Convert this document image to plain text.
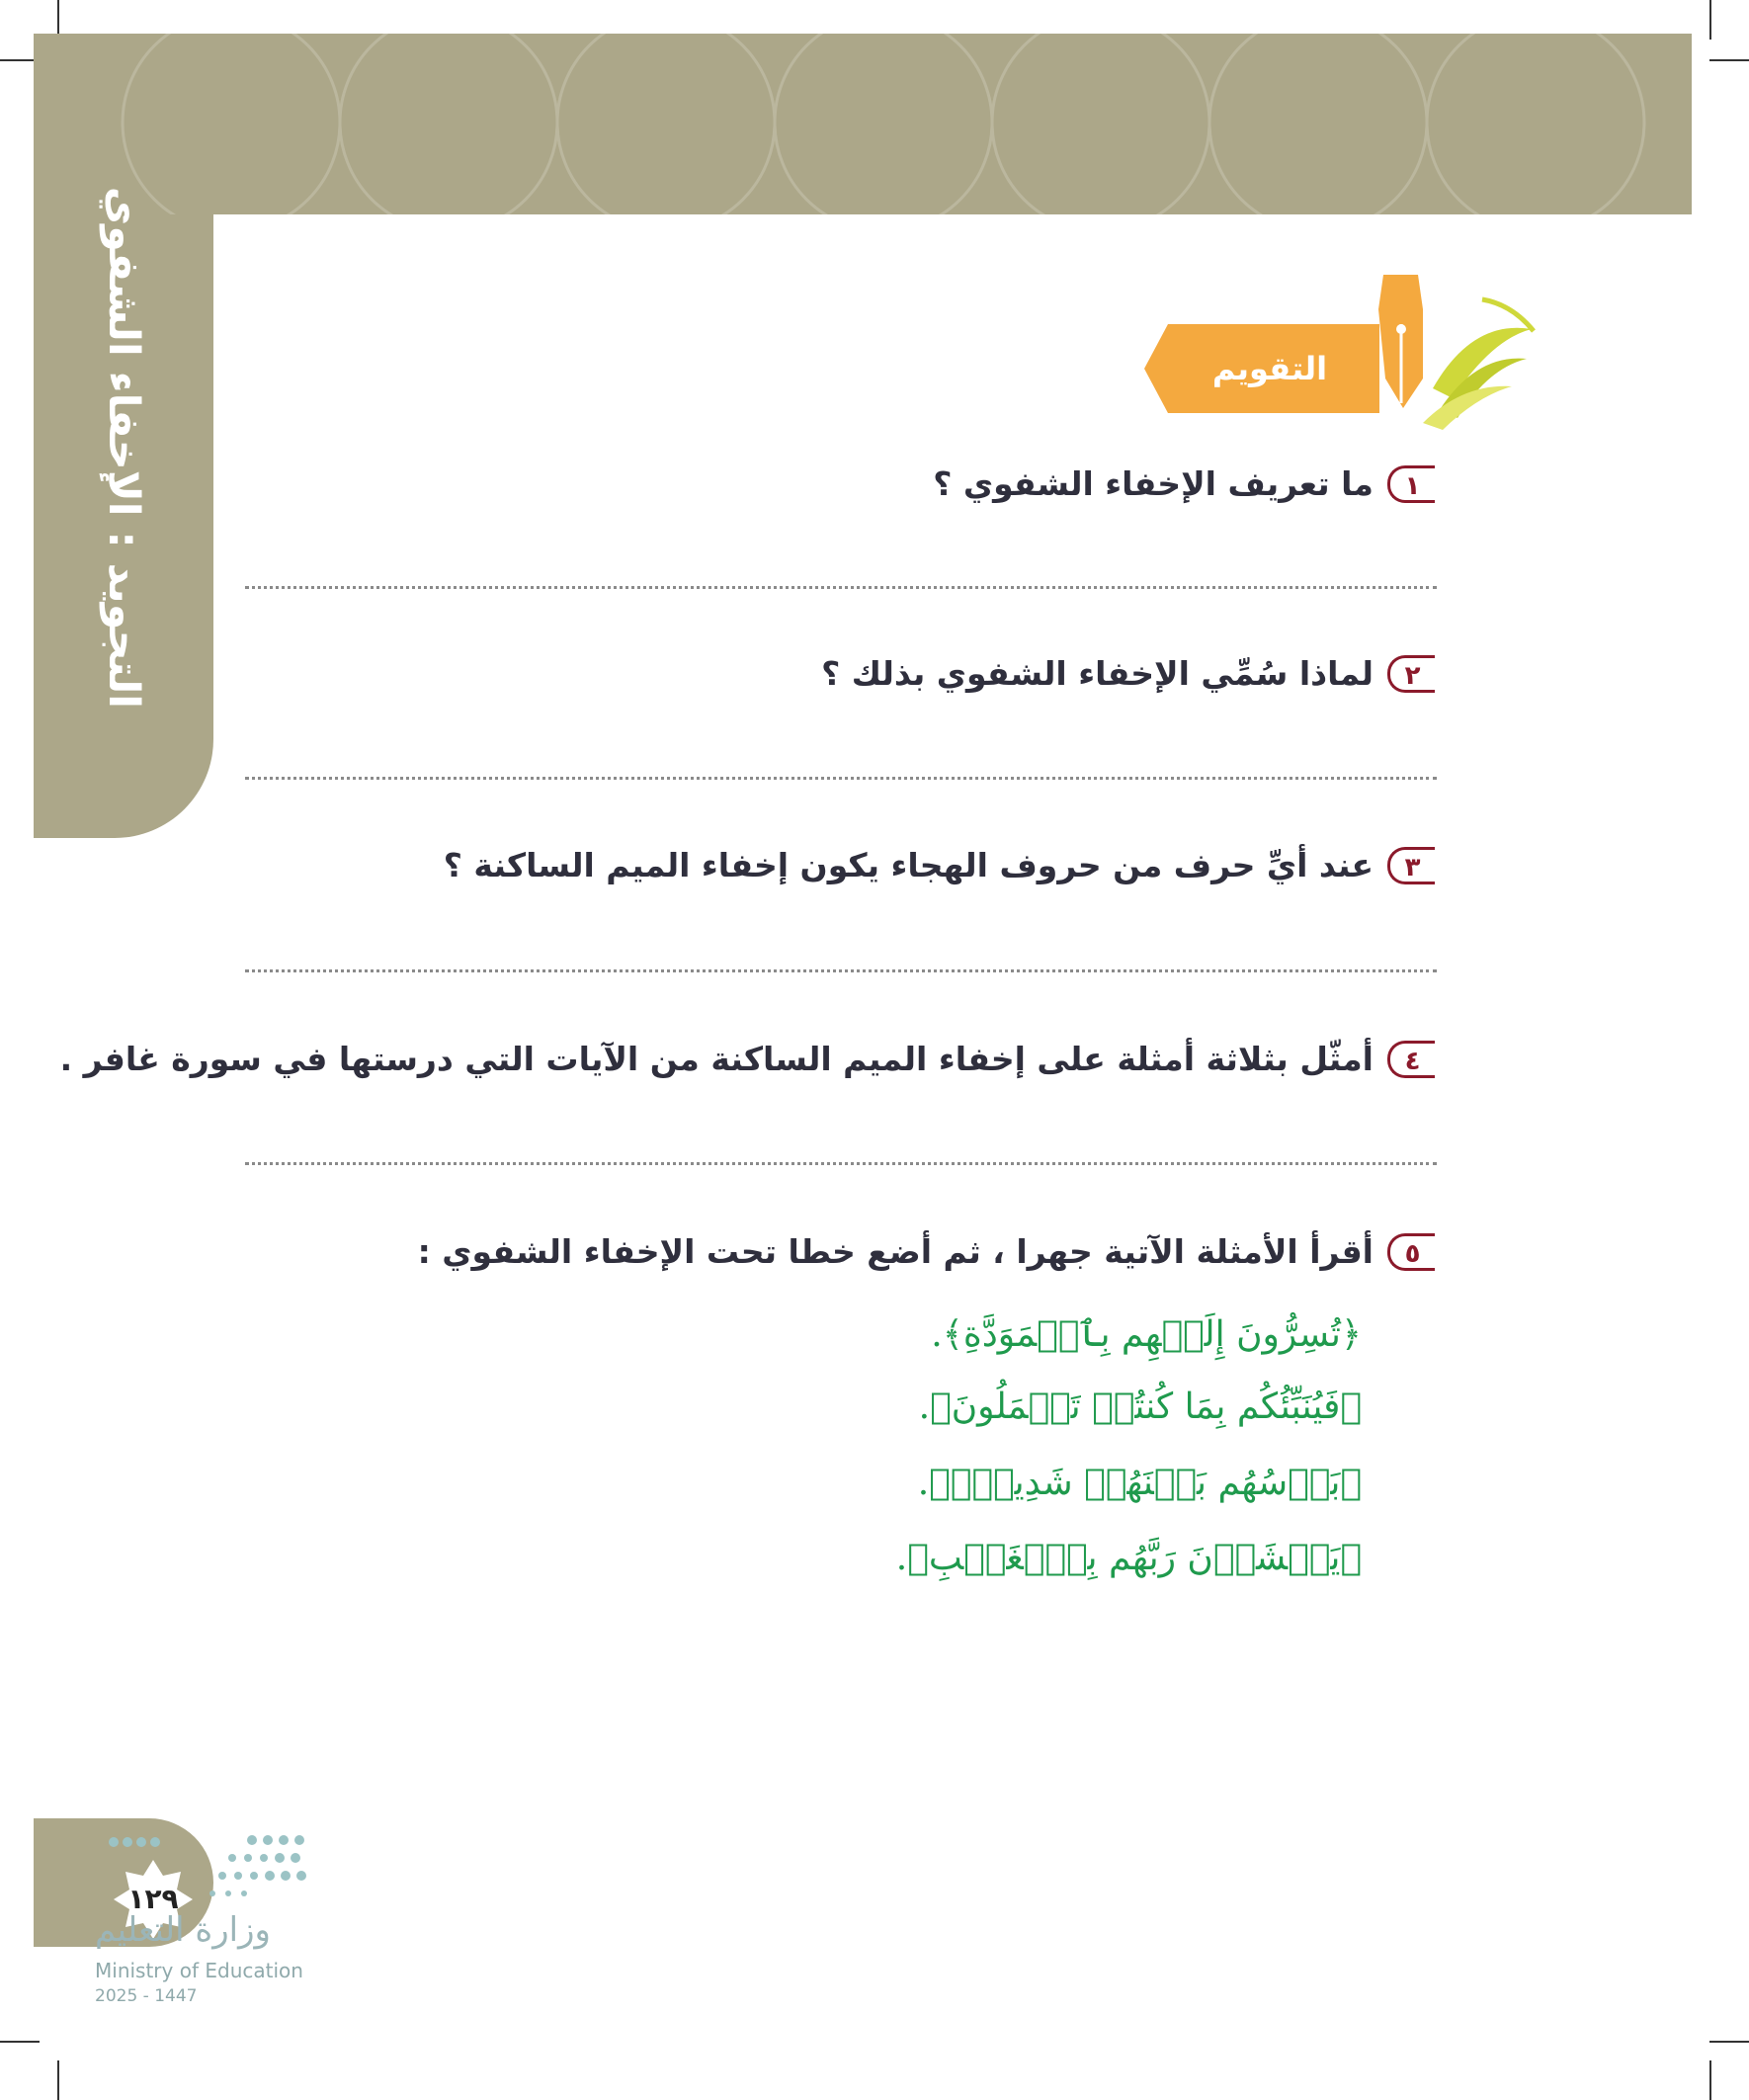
التجويد : الإخفاء الشفوي	التقويم
١
ما تعريف الإخفاء الشفوي ؟
٢
لماذا سُمِّي الإخفاء الشفوي بذلك ؟
٣
عند أيِّ حرف من حروف الهجاء يكون إخفاء الميم الساكنة ؟
٤
أمثّل بثلاثة أمثلة على إخفاء الميم الساكنة من الآيات التي درستها في سورة غافر .
٥
أقرأ الأمثلة الآتية جهرا ، ثم أضع خطا تحت الإخفاء الشفوي :
﴿تُسِرُّونَ إِلَيۡهِم بِٱلۡمَوَدَّةِ﴾.
﴿فَيُنَبِّئُكُم بِمَا كُنتُمۡ تَعۡمَلُونَ﴾.
﴿بَأۡسُهُم بَيۡنَهُمۡ شَدِيدٞۚ﴾.
﴿يَخۡشَوۡنَ رَبَّهُم بِٱلۡغَيۡبِ﴾.
١٢٩
وزارة التعليم
Ministry of Education
2025 - 1447
